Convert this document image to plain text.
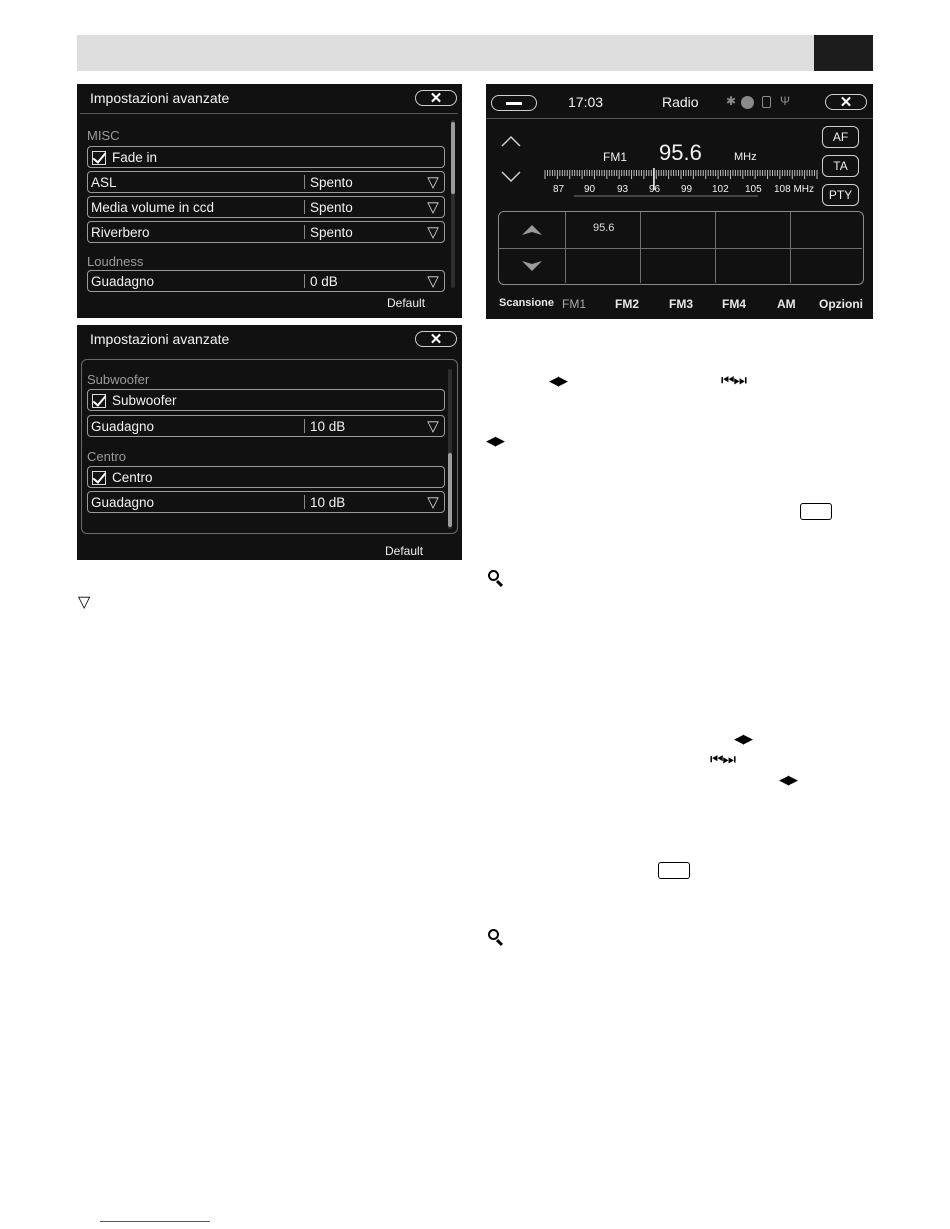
Impostazioni avanzate	✕
MISC
Fade in
ASL	Spento	▽
Media volume in ccd	Spento	▽
Riverbero	Spento	▽
Loudness
Guadagno	0 dB	▽
Default
Impostazioni avanzate	✕
Subwoofer
Subwoofer
Guadagno	10 dB	▽
Centro
Centro
Guadagno	10 dB	▽
Default
17:03	Radio ✱	Ψ	✕
FM1 95.6	MHz
87 90 93 96 99 102 105 108 MHz
AF
TA
PTY
95.6
Scansione FM1 FM2	FM3 FM4	AM Opzioni
▽
◀▶	⏮⏭
◀▶
◀▶
⏮⏭
◀▶
